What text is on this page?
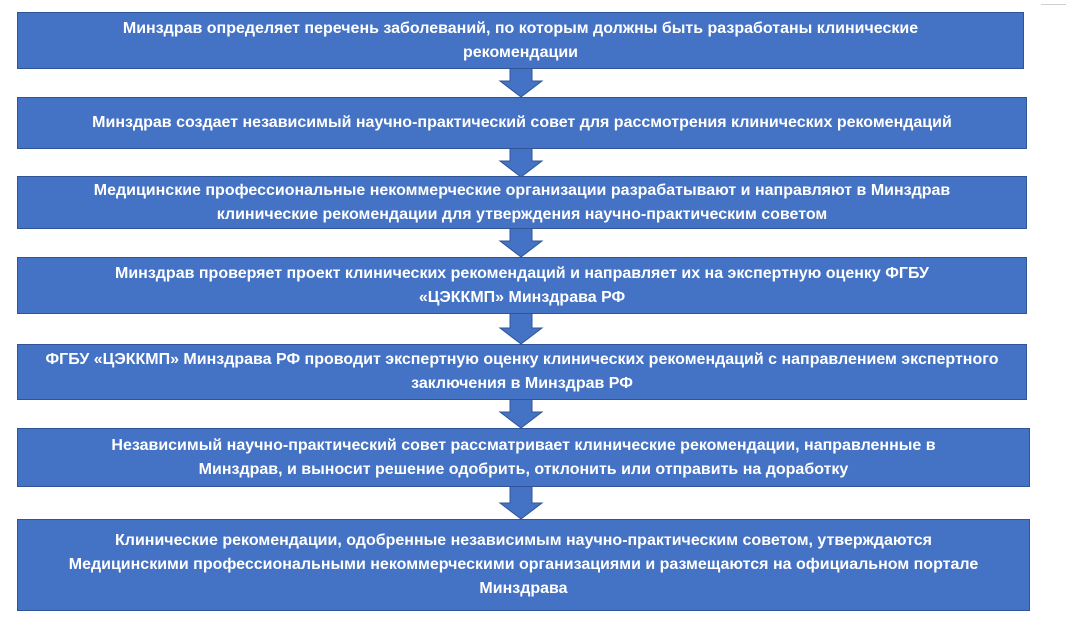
Минздрав определяет перечень заболеваний, по которым должны быть разработаны клинические рекомендации
Минздрав создает независимый научно-практический совет для рассмотрения клинических рекомендаций
Медицинские профессиональные некоммерческие организации разрабатывают и направляют в Минздрав клинические рекомендации для утверждения научно-практическим советом
Минздрав проверяет проект клинических рекомендаций и направляет их на экспертную оценку ФГБУ «ЦЭККМП» Минздрава РФ
ФГБУ «ЦЭККМП» Минздрава РФ проводит экспертную оценку клинических рекомендаций с направлением экспертного заключения в Минздрав РФ
Независимый научно-практический совет рассматривает клинические рекомендации, направленные в Минздрав, и выносит решение одобрить, отклонить или отправить на доработку
Клинические рекомендации, одобренные независимым научно-практическим советом, утверждаются Медицинскими профессиональными некоммерческими организациями и размещаются на официальном портале Минздрава
